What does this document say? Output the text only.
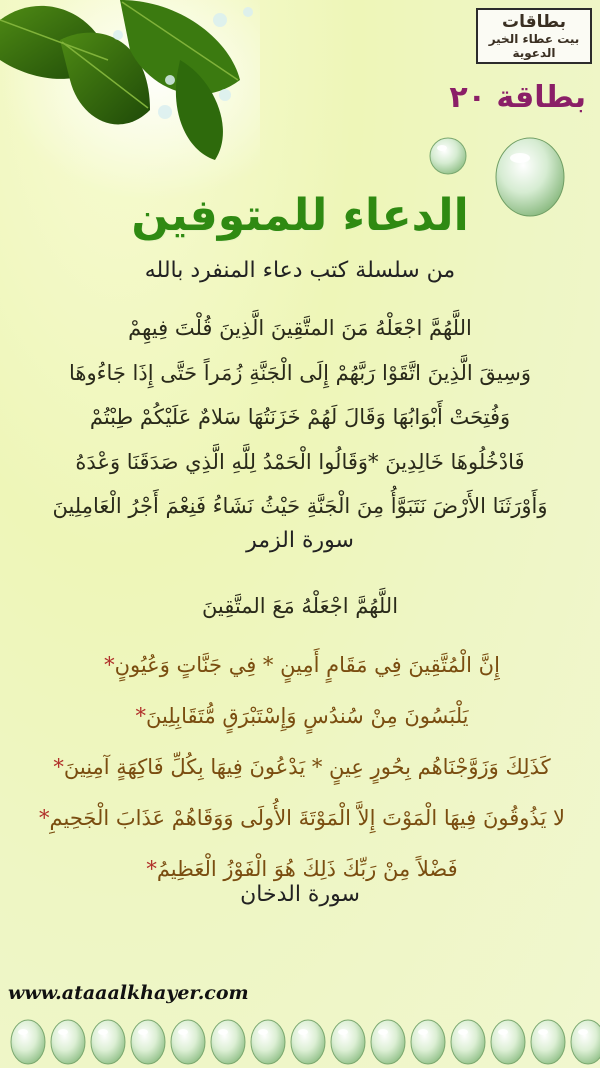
بطاقات
بيت عطاء الخير
الدعوية
بطاقة ٢٠
الدعاء للمتوفين
من سلسلة كتب دعاء المنفرد بالله
اللَّهُمَّ اجْعَلْهُ مَنَ المتَّقِينَ الَّذِينَ قُلْتَ فِيهِمْ
وَسِيقَ الَّذِينَ اتَّقَوْا رَبَّهُمْ إِلَى الْجَنَّةِ زُمَراً حَتَّى إِذَا جَاءُوهَا
وَفُتِحَتْ أَبْوَابُهَا وَقَالَ لَهُمْ خَزَنَتُهَا سَلامٌ عَلَيْكُمْ طِبْتُمْ
فَادْخُلُوهَا خَالِدِينَ *وَقَالُوا الْحَمْدُ لِلَّهِ الَّذِي صَدَقَنَا وَعْدَهُ
وَأَوْرَثَنَا الأَرْضَ نَتَبَوَّأُ مِنَ الْجَنَّةِ حَيْثُ نَشَاءُ فَنِعْمَ أَجْرُ الْعَامِلِينَ
سورة الزمر
اللَّهُمَّ اجْعَلْهُ مَعَ المتَّقِينَ
إِنَّ الْمُتَّقِينَ فِي مَقَامٍ أَمِينٍ * فِي جَنَّاتٍ وَعُيُونٍ*
يَلْبَسُونَ مِنْ سُندُسٍ وَإِسْتَبْرَقٍ مُّتَقَابِلِينَ*
كَذَلِكَ وَزَوَّجْنَاهُم بِحُورٍ عِينٍ * يَدْعُونَ فِيهَا بِكُلِّ فَاكِهَةٍ آمِنِينَ*
لا يَذُوقُونَ فِيهَا الْمَوْتَ إِلاَّ الْمَوْتَةَ الأُولَى وَوَقَاهُمْ عَذَابَ الْجَحِيمِ*
فَضْلاً مِنْ رَبِّكَ ذَلِكَ هُوَ الْفَوْزُ الْعَظِيمُ*
سورة الدخان
www.ataaalkhayer.com
